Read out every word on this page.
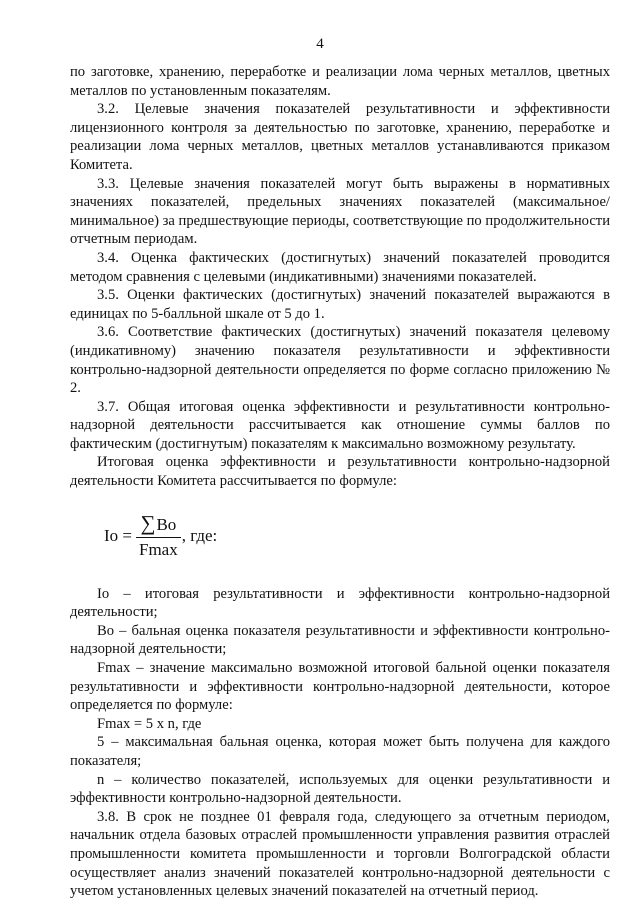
4

по заготовке, хранению, переработке и реализации лома черных металлов, цветных металлов по установленным показателям.

3.2. Целевые значения показателей результативности и эффективности лицензионного контроля за деятельностью по заготовке, хранению, переработке и реализации лома черных металлов, цветных металлов устанавливаются приказом Комитета.

3.3. Целевые значения показателей могут быть выражены в нормативных значениях показателей, предельных значениях показателей (максимальное/минимальное) за предшествующие периоды, соответствующие по продолжительности отчетным периодам.

3.4. Оценка фактических (достигнутых) значений показателей проводится методом сравнения с целевыми (индикативными) значениями показателей.

3.5. Оценки фактических (достигнутых) значений показателей выражаются в единицах по 5-балльной шкале от 5 до 1.

3.6. Соответствие фактических (достигнутых) значений показателя целевому (индикативному) значению показателя результативности и эффективности контрольно-надзорной деятельности определяется по форме согласно приложению № 2.

3.7. Общая итоговая оценка эффективности и результативности контрольно-надзорной деятельности рассчитывается как отношение суммы баллов по фактическим (достигнутым) показателям к максимально возможному результату.

Итоговая оценка эффективности и результативности контрольно-надзорной деятельности Комитета рассчитывается по формуле:

$Io = \frac{\sum Bo}{Fmax}$ , где:

Io – итоговая результативности и эффективности контрольно-надзорной деятельности;

Bo – бальная оценка показателя результативности и эффективности контрольно-надзорной деятельности;

Fmax – значение максимально возможной итоговой бальной оценки показателя результативности и эффективности контрольно-надзорной деятельности, которое определяется по формуле:

Fmax = 5 x n, где

5 – максимальная бальная оценка, которая может быть получена для каждого показателя;

n – количество показателей, используемых для оценки результативности и эффективности контрольно-надзорной деятельности.

3.8. В срок не позднее 01 февраля года, следующего за отчетным периодом, начальник отдела базовых отраслей промышленности управления развития отраслей промышленности комитета промышленности и торговли Волгоградской области осуществляет анализ значений показателей контрольно-надзорной деятельности с учетом установленных целевых значений показателей на отчетный период.
